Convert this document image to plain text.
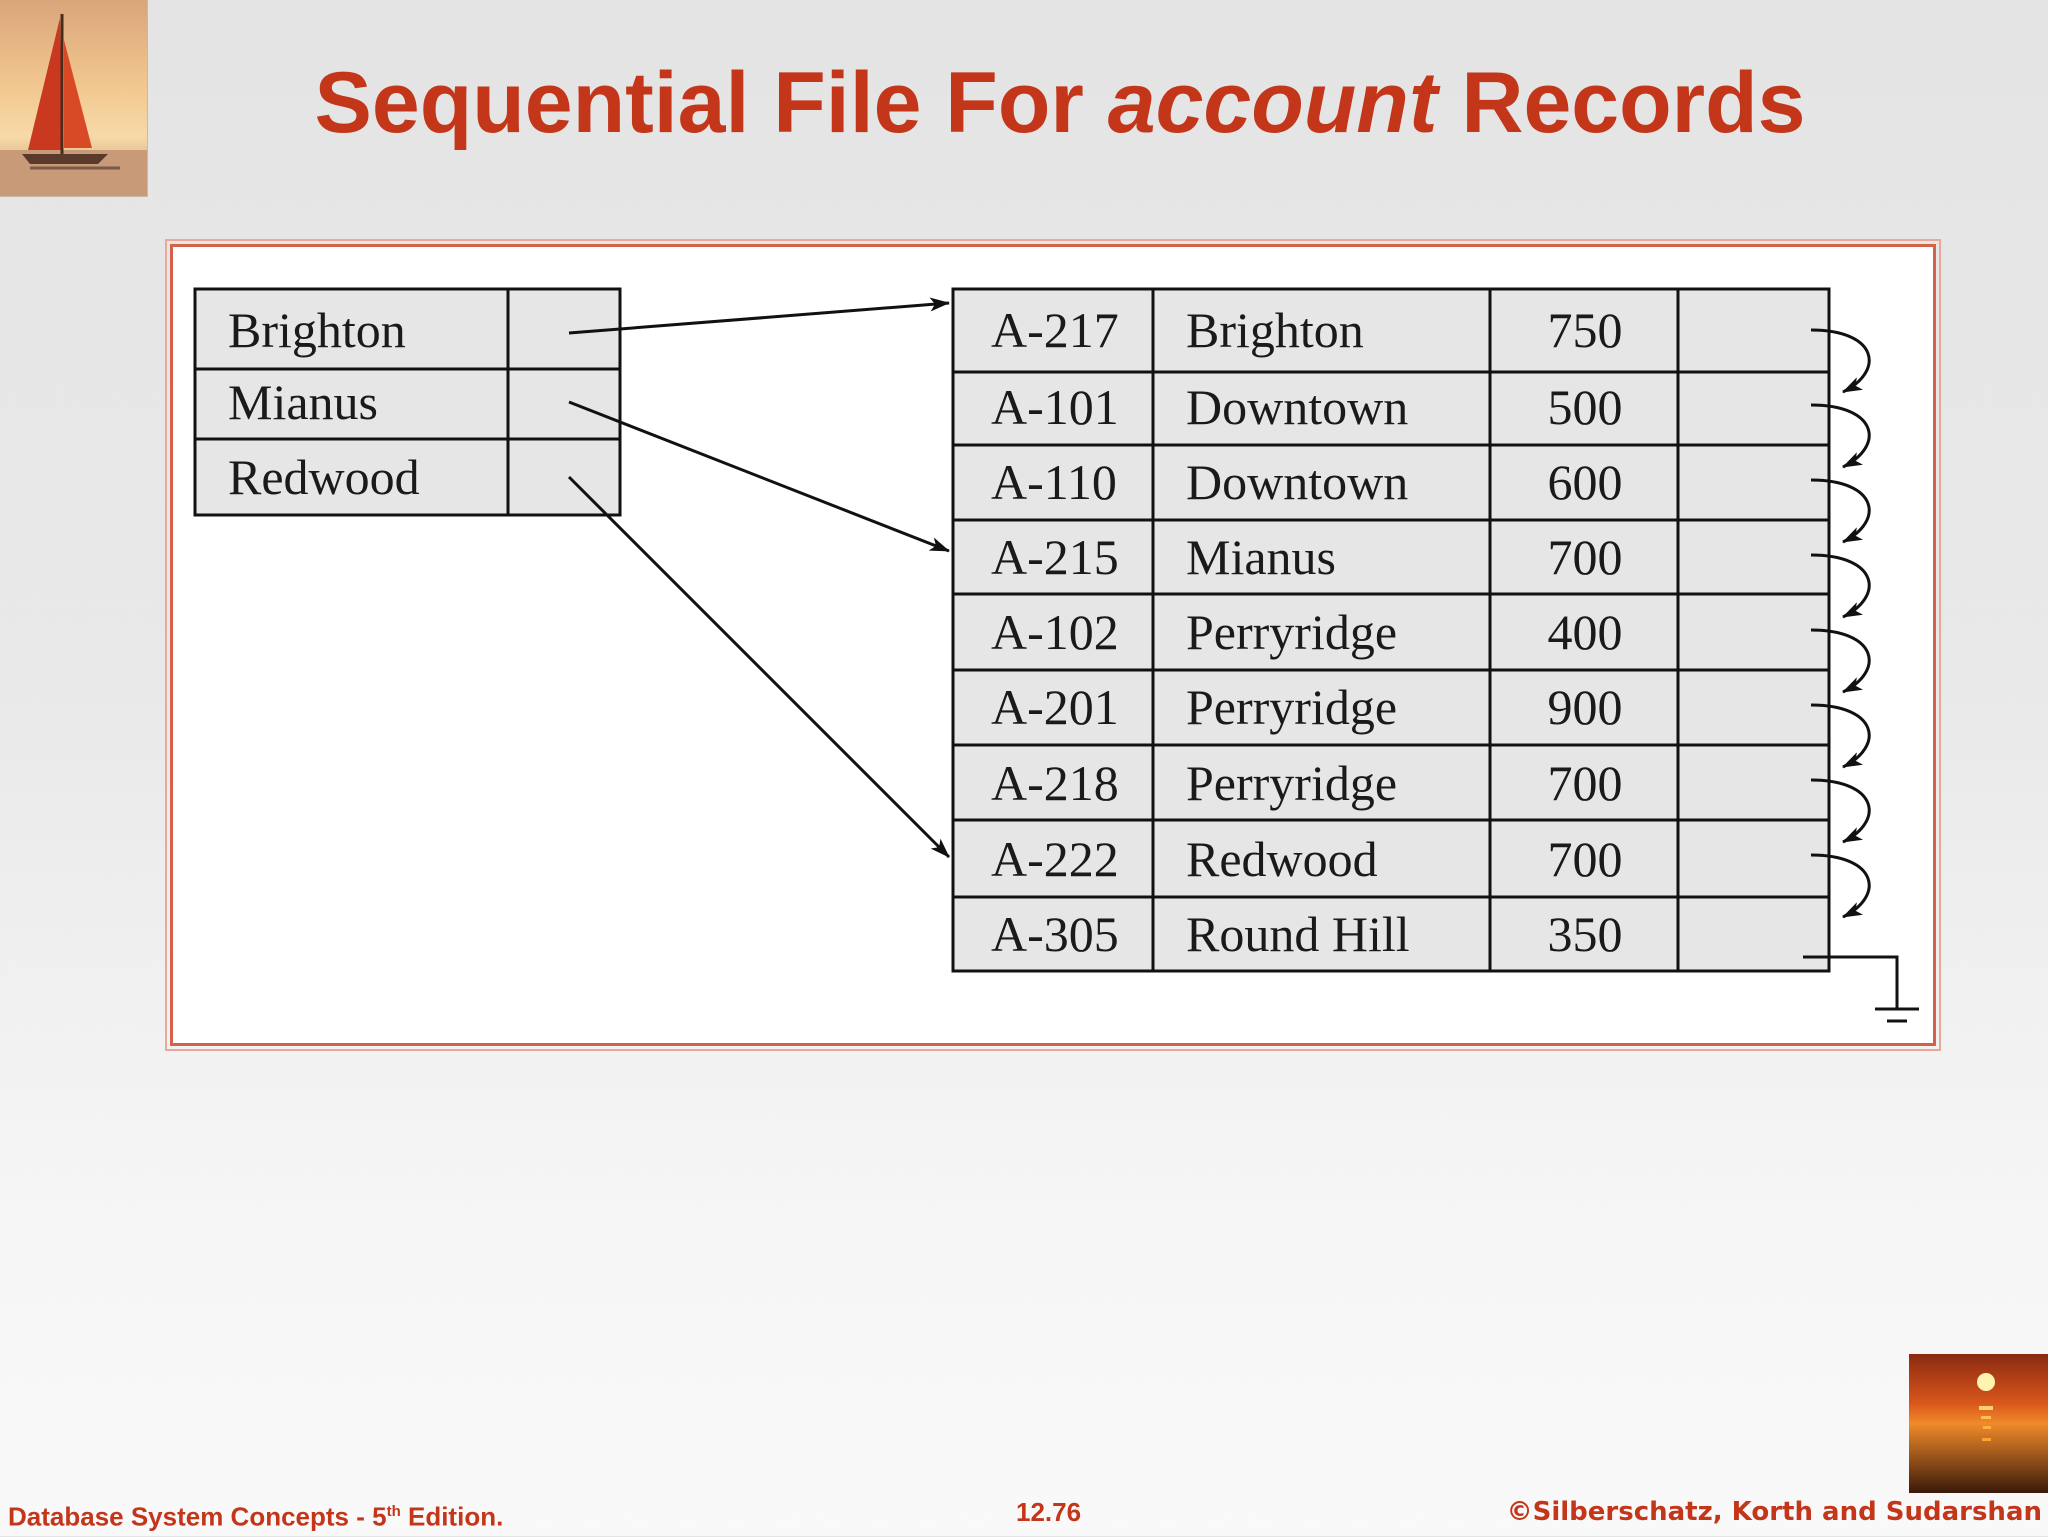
Sequential File For account Records
Brighton
Mianus
Redwood
A-217 Brighton	750
A-101 Downtown	500
A-110 Downtown	600
A-215 Mianus	700
A-102 Perryridge	400
A-201 Perryridge	900
A-218 Perryridge	700
A-222 Redwood	700
A-305 Round Hill	350
Database System Concepts - 5th Edition.	12.76	©Silberschatz, Korth and Sudarshan
